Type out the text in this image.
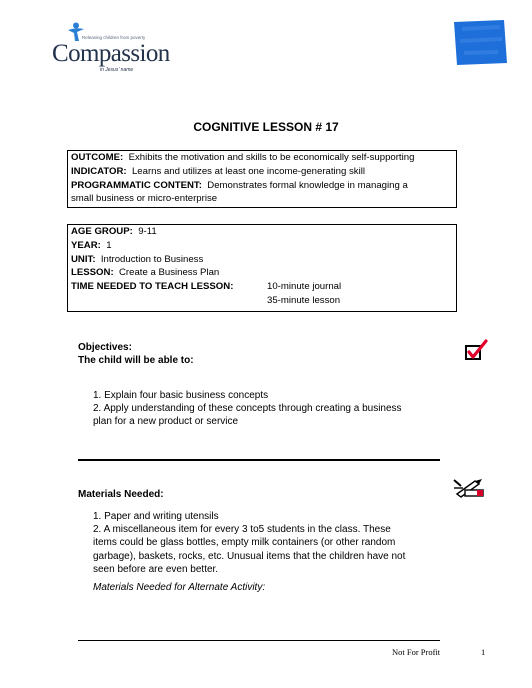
Releasing children from poverty
Compassion
in Jesus' name
COGNITIVE LESSON # 17
OUTCOME: Exhibits the motivation and skills to be economically self-supporting
INDICATOR: Learns and utilizes at least one income-generating skill
PROGRAMMATIC CONTENT: Demonstrates formal knowledge in managing a
small business or micro-enterprise
AGE GROUP: 9-11
YEAR: 1
UNIT: Introduction to Business
LESSON: Create a Business Plan
TIME NEEDED TO TEACH LESSON:	10-minute journal
35-minute lesson
Objectives:
The child will be able to:
1. Explain four basic business concepts
2. Apply understanding of these concepts through creating a business
plan for a new product or service
Materials Needed:
1. Paper and writing utensils
2. A miscellaneous item for every 3 to5 students in the class. These
items could be glass bottles, empty milk containers (or other random
garbage), baskets, rocks, etc. Unusual items that the children have not
seen before are even better.
Materials Needed for Alternate Activity:
Not For Profit	1
